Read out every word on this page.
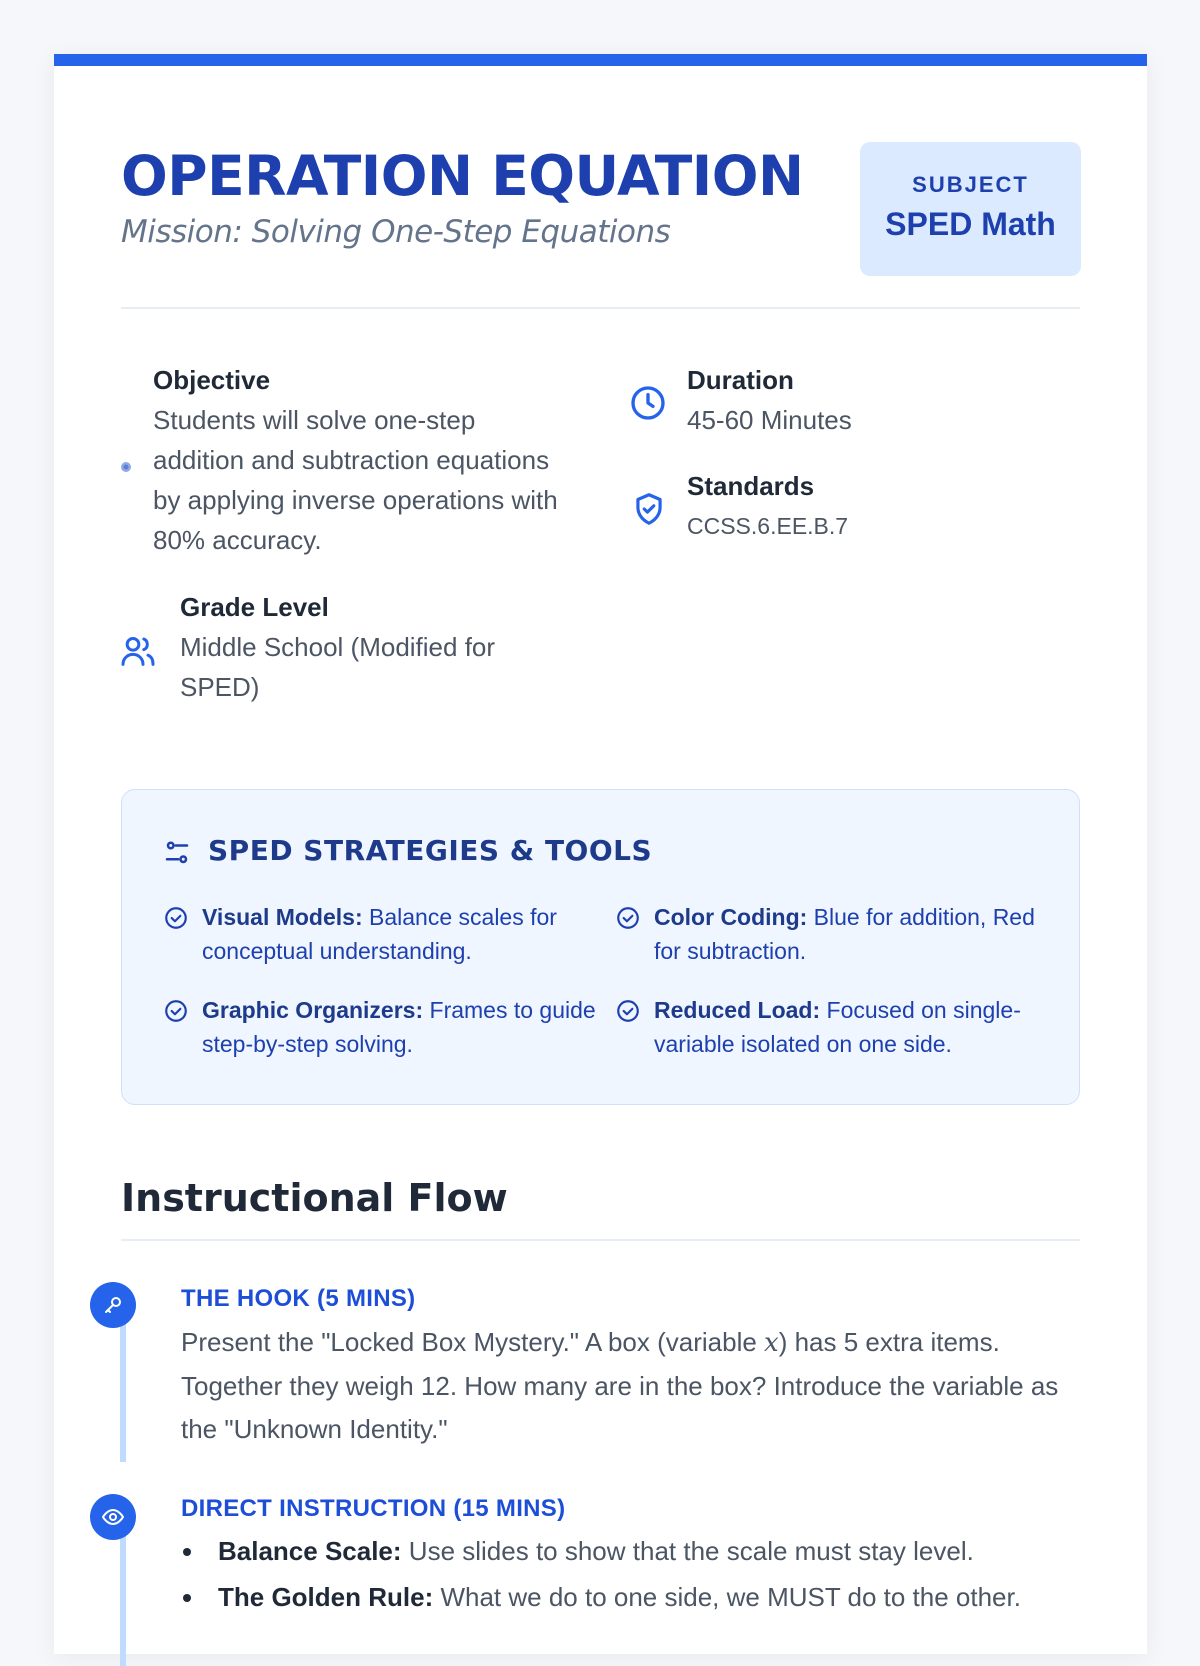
OPERATION EQUATION

Mission: Solving One-Step Equations

SUBJECT
SPED Math
Objective
Students will solve one-step
addition and subtraction equations
by applying inverse operations with
80% accuracy.
Duration
45-60 Minutes
Standards
CCSS.6.EE.B.7
Grade Level
Middle School (Modified for
SPED)
SPED STRATEGIES & TOOLS
Visual Models: Balance scales for
conceptual understanding.
Color Coding: Blue for addition, Red
for subtraction.
Graphic Organizers: Frames to guide
step-by-step solving.
Reduced Load: Focused on single-
variable isolated on one side.
Instructional Flow
THE HOOK (5 MINS)
Present the "Locked Box Mystery." A box (variable x) has 5 extra items.
Together they weigh 12. How many are in the box? Introduce the variable as
the "Unknown Identity."
DIRECT INSTRUCTION (15 MINS)
Balance Scale: Use slides to show that the scale must stay level.
The Golden Rule: What we do to one side, we MUST do to the other.
